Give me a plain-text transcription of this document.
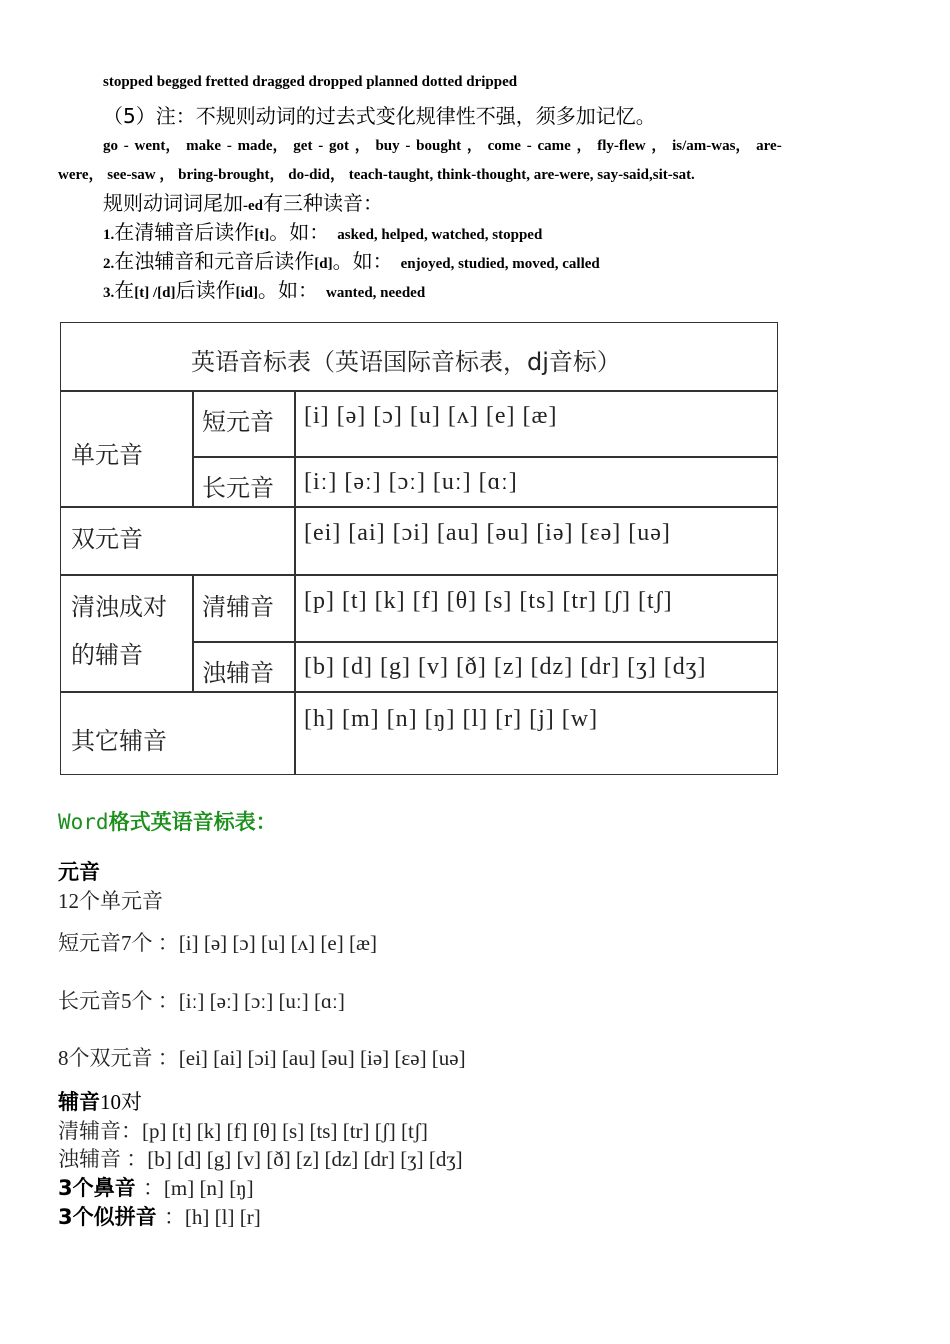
stopped begged fretted dragged dropped planned dotted dripped
（5）注：不规则动词的过去式变化规律性不强，须多加记忆。
go - went， make - made， get - got ， buy - bought ， come - came ， fly-flew ， is/am-was， are-
were， see-saw ， bring-brought， do-did， teach-taught, think-thought, are-were, say-said,sit-sat.
规则动词词尾加-ed有三种读音：
1.在清辅音后读作[t]。如： asked, helped, watched, stopped
2.在浊辅音和元音后读作[d]。如： enjoyed, studied, moved, called
3.在[t] /[d]后读作[id]。如： wanted, needed
英语音标表（英语国际音标表，dj音标）
单元音
短元音 [i] [ə] [ɔ] [u] [ʌ] [e] [æ]
长元音 [iː] [əː] [ɔː] [uː] [ɑː]
双元音	[ei] [ai] [ɔi] [au] [əu] [iə] [εə] [uə]
清浊成对
的辅音
清辅音 [p] [t] [k] [f] [θ] [s] [ts] [tr] [ʃ] [tʃ]
浊辅音 [b] [d] [g] [v] [ð] [z] [dz] [dr] [ʒ] [dʒ]
其它辅音
[h] [m] [n] [ŋ] [l] [r] [j] [w]
Word格式英语音标表：
元音
12个单元音
短元音7个 ：[i] [ə] [ɔ] [u] [ʌ] [e] [æ]
长元音5个 ：[iː] [əː] [ɔː] [uː] [ɑː]
8个双元音 ：[ei] [ai] [ɔi] [au] [əu] [iə] [εə] [uə]
辅音10对
清辅音：[p] [t] [k] [f] [θ] [s] [ts] [tr] [ʃ] [tʃ]
浊辅音 ：[b] [d] [g] [v] [ð] [z] [dz] [dr] [ʒ] [dʒ]
3个鼻音 ：[m] [n] [ŋ]
3个似拼音 ：[h] [l] [r]
